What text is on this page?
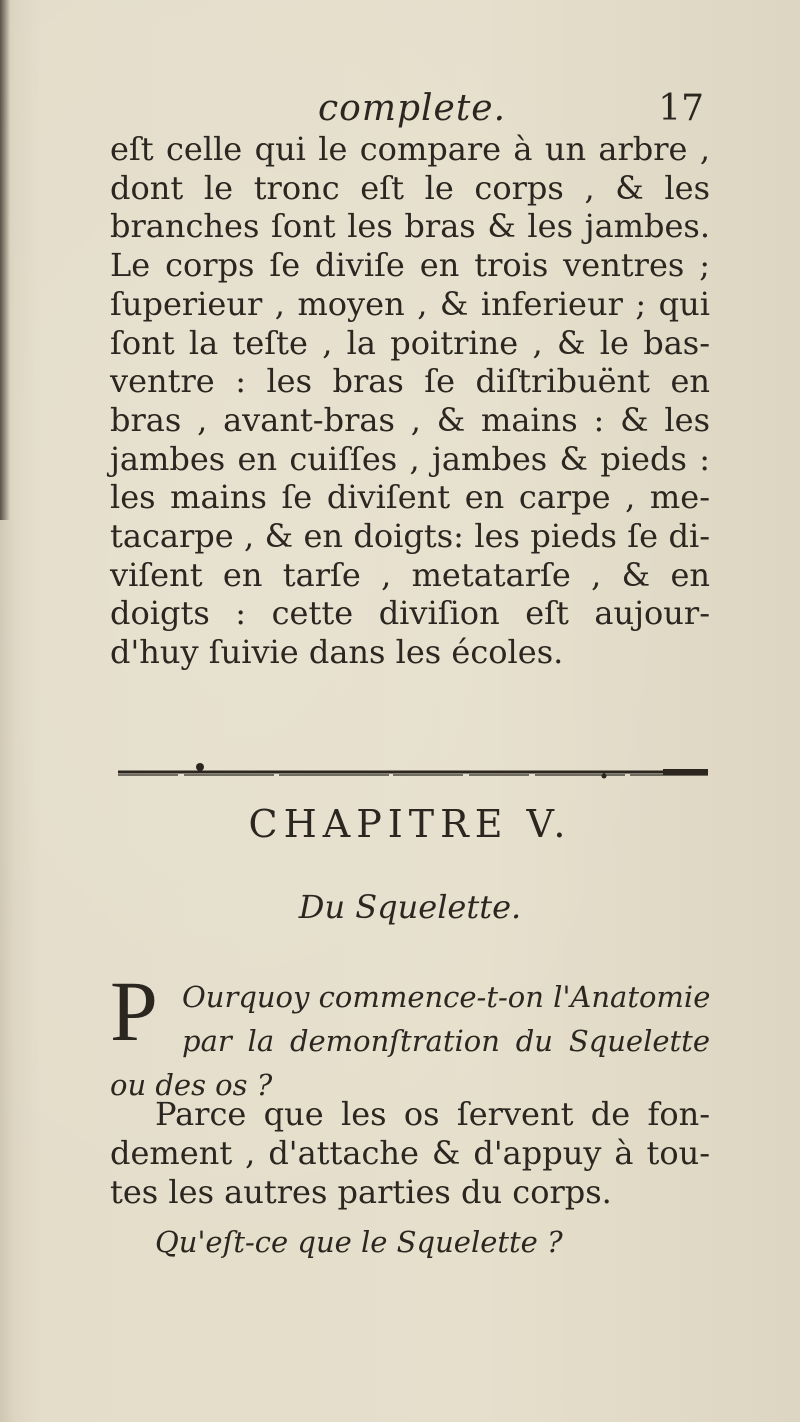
complete.	17
eſt celle qui le compare à un arbre ,
dont le tronc eſt le corps , & les
branches ſont les bras & les jambes.
Le corps ſe diviſe en trois ventres ;
ſuperieur , moyen , & inferieur ; qui
ſont la teſte , la poitrine , & le bas-
ventre : les bras ſe diſtribuënt en
bras , avant-bras , & mains : & les
jambes en cuiſſes , jambes & pieds :
les mains ſe diviſent en carpe , me-
tacarpe , & en doigts: les pieds ſe di-
viſent en tarſe , metatarſe , & en
doigts : cette diviſion eſt aujour-
d'huy ſuivie dans les écoles.
CHAPITRE V.
Du Squelette.
P Ourquoy commence-t-on l'Anatomie
par la demonſtration du Squelette
ou des os ?
Parce que les os ſervent de fon-
dement , d'attache & d'appuy à tou-
tes les autres parties du corps.
Qu'eſt-ce que le Squelette ?
